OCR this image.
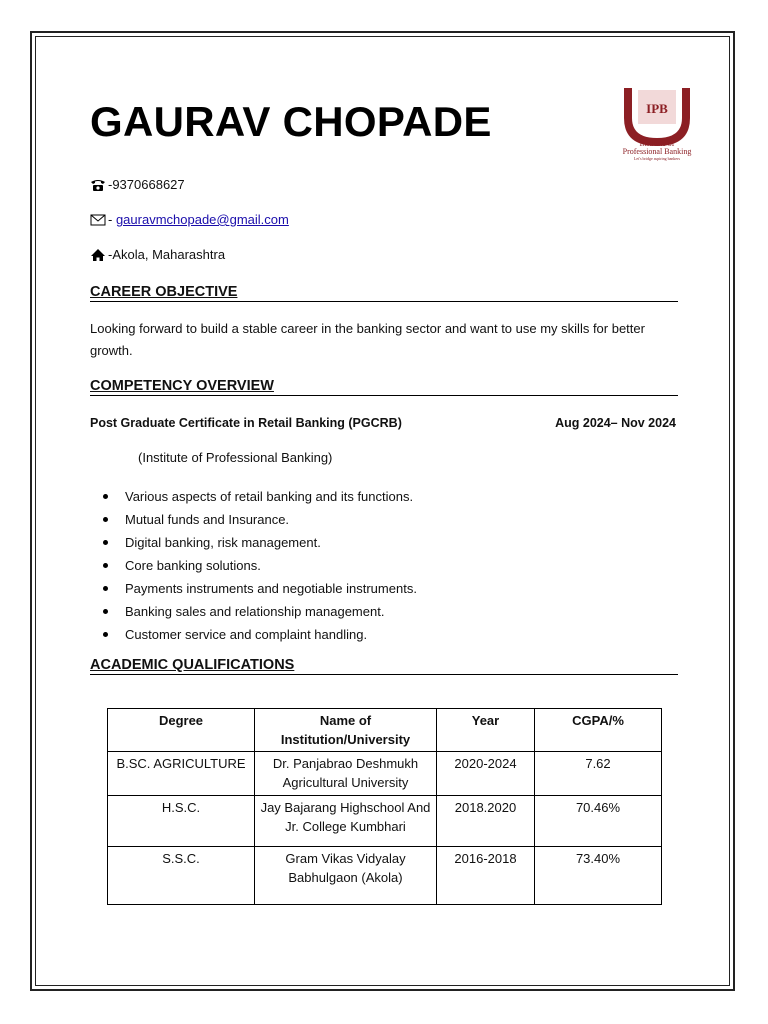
GAURAV CHOPADE	IPB
Institute of
Professional Banking
Let's bridge aspiring bankers
-9370668627
- gauravmchopade@gmail.com
-Akola, Maharashtra
CAREER OBJECTIVE

Looking forward to build a stable career in the banking sector and want to use my skills for better growth.

COMPETENCY OVERVIEW
Post Graduate Certificate in Retail Banking (PGCRB)	Aug 2024– Nov 2024
(Institute of Professional Banking)
Various aspects of retail banking and its functions.
Mutual funds and Insurance.
Digital banking, risk management.
Core banking solutions.
Payments instruments and negotiable instruments.
Banking sales and relationship management.
Customer service and complaint handling.
ACADEMIC QUALIFICATIONS
Degree	Name of Institution/University	Year	CGPA/%
B.SC. AGRICULTURE	Dr. Panjabrao Deshmukh Agricultural University	2020-2024	7.62
H.S.C.	Jay Bajarang Highschool And Jr. College Kumbhari	2018.2020	70.46%
S.S.C.	Gram Vikas Vidyalay Babhulgaon (Akola)	2016-2018	73.40%
